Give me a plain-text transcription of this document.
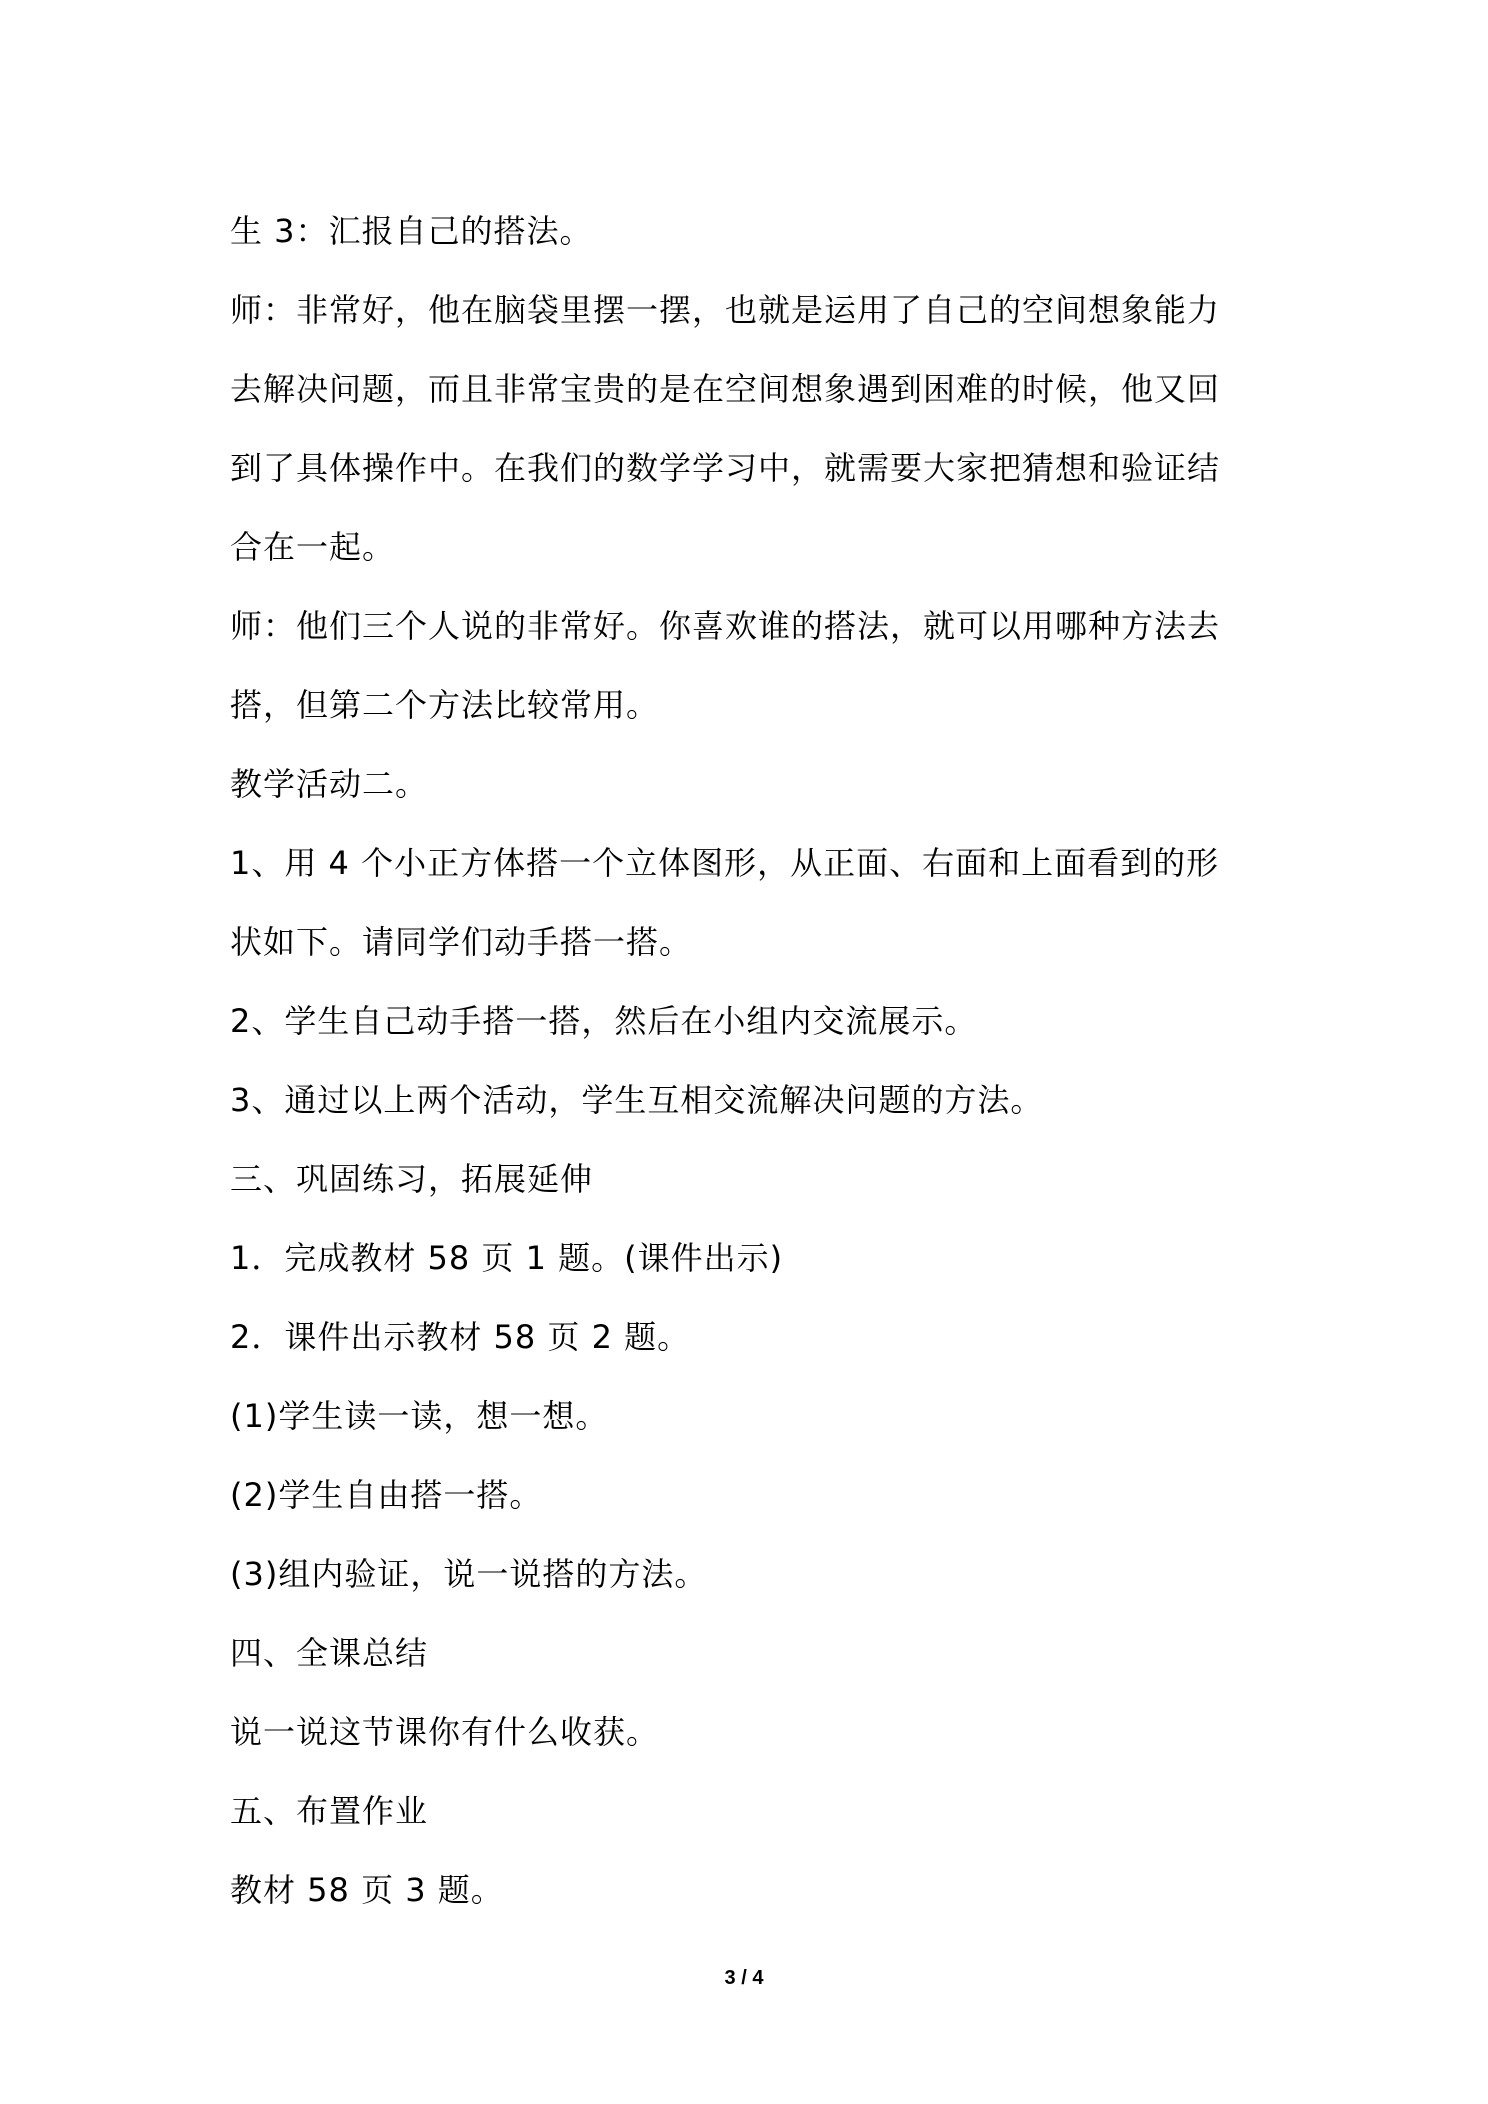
生 3：汇报自己的搭法。
师：非常好，他在脑袋里摆一摆，也就是运用了自己的空间想象能力
去解决问题，而且非常宝贵的是在空间想象遇到困难的时候，他又回
到了具体操作中。在我们的数学学习中，就需要大家把猜想和验证结
合在一起。
师：他们三个人说的非常好。你喜欢谁的搭法，就可以用哪种方法去
搭，但第二个方法比较常用。
教学活动二。
1、用 4 个小正方体搭一个立体图形，从正面、右面和上面看到的形
状如下。请同学们动手搭一搭。
2、学生自己动手搭一搭，然后在小组内交流展示。
3、通过以上两个活动，学生互相交流解决问题的方法。
三、巩固练习，拓展延伸
1．完成教材 58 页 1 题。(课件出示)
2．课件出示教材 58 页 2 题。
(1)学生读一读，想一想。
(2)学生自由搭一搭。
(3)组内验证，说一说搭的方法。
四、全课总结
说一说这节课你有什么收获。
五、布置作业
教材 58 页 3 题。
3 / 4
